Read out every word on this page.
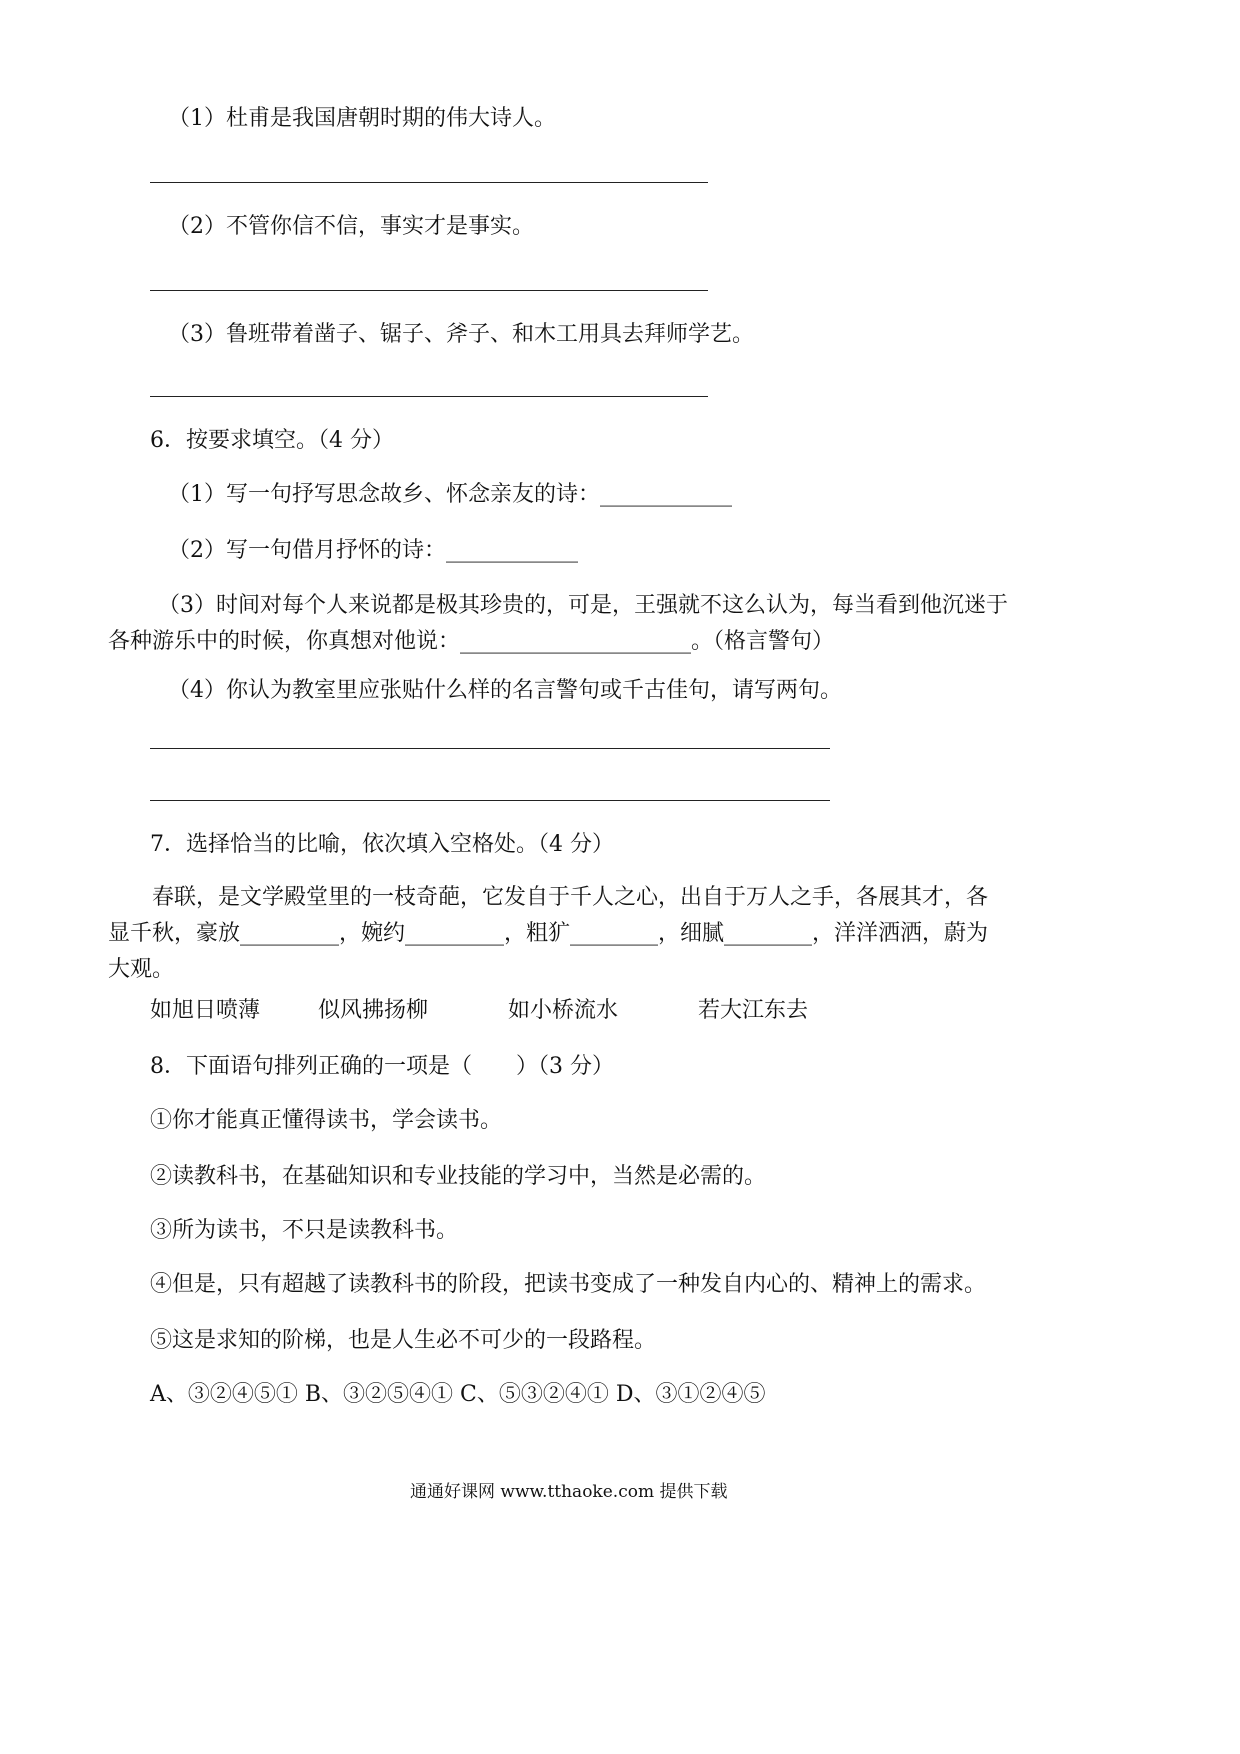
（1）杜甫是我国唐朝时期的伟大诗人。
（2）不管你信不信，事实才是事实。
（3）鲁班带着凿子、锯子、斧子、和木工用具去拜师学艺。
6．按要求填空。（4 分）
（1）写一句抒写思念故乡、怀念亲友的诗：____________
（2）写一句借月抒怀的诗：____________
（3）时间对每个人来说都是极其珍贵的，可是，王强就不这么认为，每当看到他沉迷于各种游乐中的时候，你真想对他说：_____________________。（格言警句）
（4）你认为教室里应张贴什么样的名言警句或千古佳句，请写两句。
7．选择恰当的比喻，依次填入空格处。（4 分）
春联，是文学殿堂里的一枝奇葩，它发自于千人之心，出自于万人之手，各展其才，各显千秋，豪放_________，婉约_________，粗犷________，细腻________，洋洋洒洒，蔚为大观。
如旭日喷薄	似风拂扬柳	如小桥流水	若大江东去
8．下面语句排列正确的一项是（　　）（3 分）
①你才能真正懂得读书，学会读书。
②读教科书，在基础知识和专业技能的学习中，当然是必需的。
③所为读书，不只是读教科书。
④但是，只有超越了读教科书的阶段，把读书变成了一种发自内心的、精神上的需求。
⑤这是求知的阶梯，也是人生必不可少的一段路程。
A、③②④⑤① B、③②⑤④① C、⑤③②④① D、③①②④⑤
通通好课网 www.tthaoke.com 提供下载
